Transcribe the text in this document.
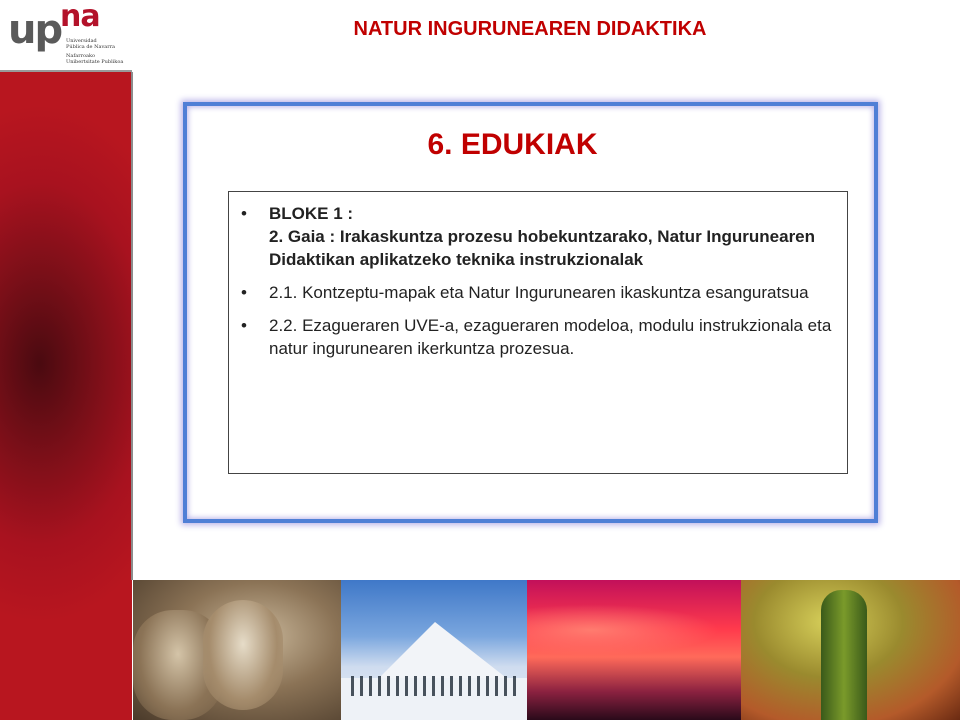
up
na
Universidad
Pública de Navarra
Nafarroako
Unibertsitate Publikoa
NATUR INGURUNEAREN DIDAKTIKA
6. EDUKIAK
• BLOKE 1 :
2. Gaia : Irakaskuntza prozesu hobekuntzarako, Natur Ingurunearen Didaktikan aplikatzeko teknika instrukzionalak
• 2.1. Kontzeptu-mapak eta Natur Ingurunearen ikaskuntza esanguratsua
• 2.2. Ezagueraren UVE-a, ezagueraren modeloa, modulu instrukzionala eta natur ingurunearen ikerkuntza prozesua.
